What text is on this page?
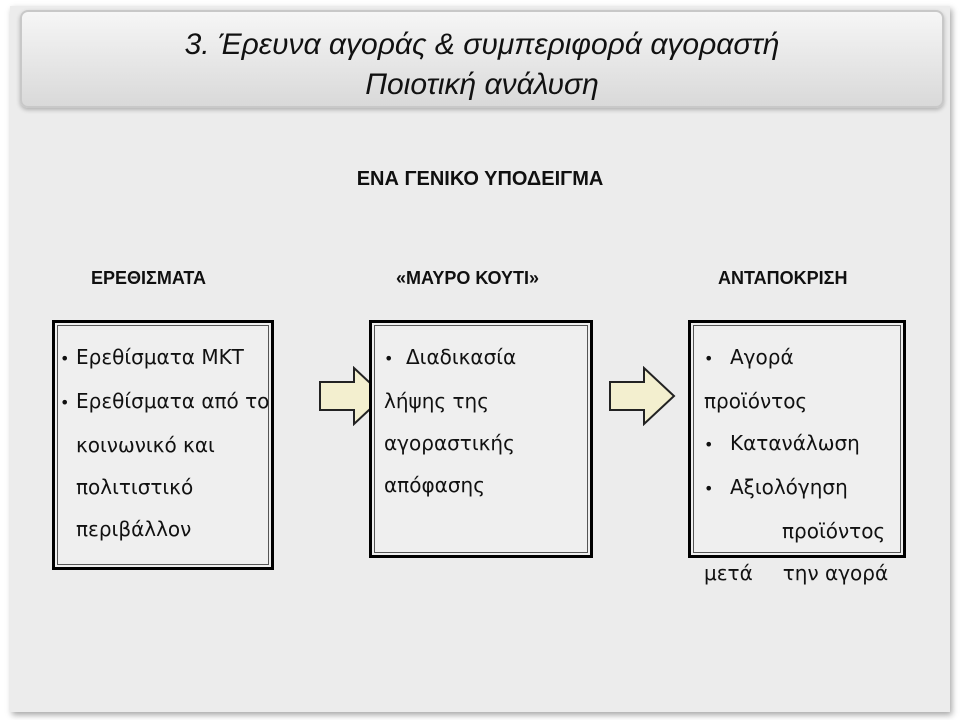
3. Έρευνα αγοράς & συμπεριφορά αγοραστή
Ποιοτική ανάλυση
ΕΝΑ ΓΕΝΙΚΟ ΥΠΟΔΕΙΓΜΑ
ΕΡΕΘΙΣΜΑΤΑ	«ΜΑΥΡΟ ΚΟΥΤΙ»	ΑΝΤΑΠΟΚΡΙΣΗ
• Ερεθίσματα ΜΚΤ
• Ερεθίσματα από το
κοινωνικό και
πολιτιστικό
περιβάλλον
• Διαδικασία
λήψης της
αγοραστικής
απόφασης
• Αγορά
προϊόντος
• Κατανάλωση
• Αξιολόγηση
προϊόντος
μετά την αγορά
